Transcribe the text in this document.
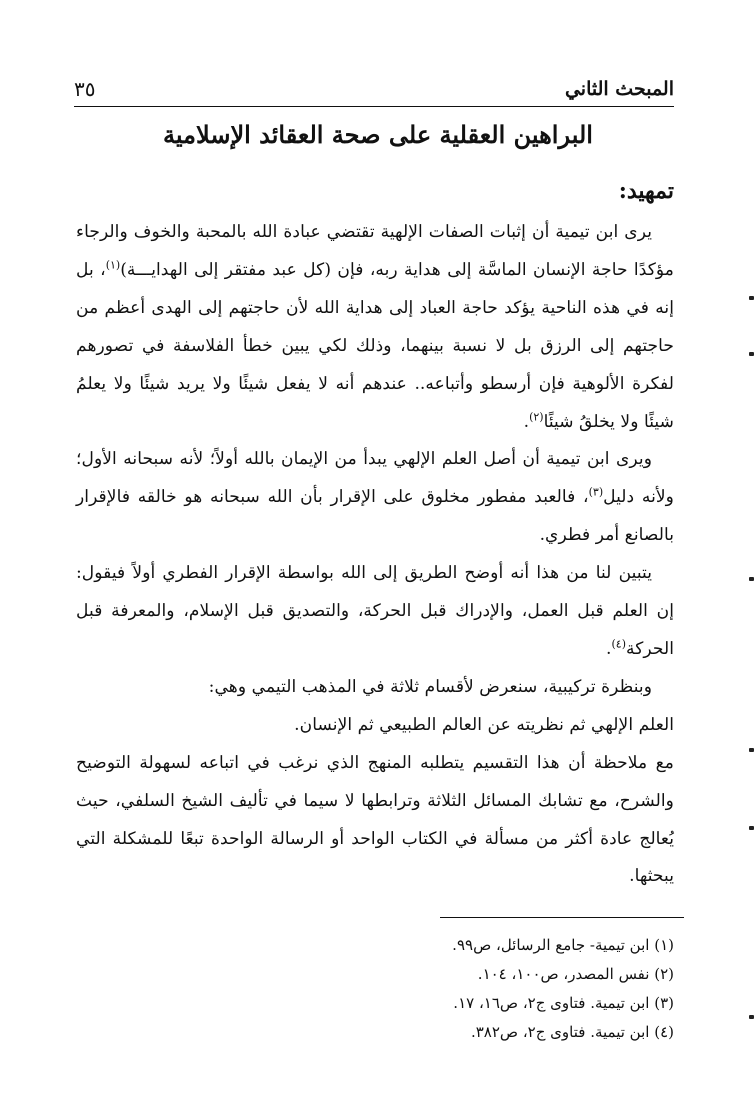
المبحث الثاني
٣٥
البراهين العقلية على صحة العقائد الإسلامية
تمهيد:

يرى ابن تيمية أن إثبات الصفات الإلهية تقتضي عبادة الله بالمحبة والخوف والرجاء مؤكدًا حاجة الإنسان الماسَّة إلى هداية ربه، فإن (كل عبد مفتقر إلى الهدايـــة)$^{(١)}$، بل إنه في هذه الناحية يؤكد حاجة العباد إلى هداية الله لأن حاجتهم إلى الهدى أعظم من حاجتهم إلى الرزق بل لا نسبة بينهما، وذلك لكي يبين خطأ الفلاسفة في تصورهم لفكرة الألوهية فإن أرسطو وأتباعه.. عندهم أنه لا يفعل شيئًا ولا يريد شيئًا ولا يعلمُ شيئًا ولا يخلقُ شيئًا$^{(٢)}$.

ويرى ابن تيمية أن أصل العلم الإلهي يبدأ من الإيمان بالله أولاً؛ لأنه سبحانه الأول؛ ولأنه دليل$^{(٣)}$، فالعبد مفطور مخلوق على الإقرار بأن الله سبحانه هو خالقه فالإقرار بالصانع أمر فطري.

يتبين لنا من هذا أنه أوضح الطريق إلى الله بواسطة الإقرار الفطري أولاً فيقول: إن العلم قبل العمل، والإدراك قبل الحركة، والتصديق قبل الإسلام، والمعرفة قبل الحركة$^{(٤)}$.

وبنظرة تركيبية، سنعرض لأقسام ثلاثة في المذهب التيمي وهي:

العلم الإلهي ثم نظريته عن العالم الطبيعي ثم الإنسان.

مع ملاحظة أن هذا التقسيم يتطلبه المنهج الذي نرغب في اتباعه لسهولة التوضيح والشرح، مع تشابك المسائل الثلاثة وترابطها لا سيما في تأليف الشيخ السلفي، حيث يُعالج عادة أكثر من مسألة في الكتاب الواحد أو الرسالة الواحدة تبعًا للمشكلة التي يبحثها.

(١) ابن تيمية- جامع الرسائل، ص٩٩.
(٢) نفس المصدر، ص١٠٠، ١٠٤.
(٣) ابن تيمية. فتاوى ج٢، ص١٦، ١٧.
(٤) ابن تيمية. فتاوى ج٢، ص٣٨٢.
